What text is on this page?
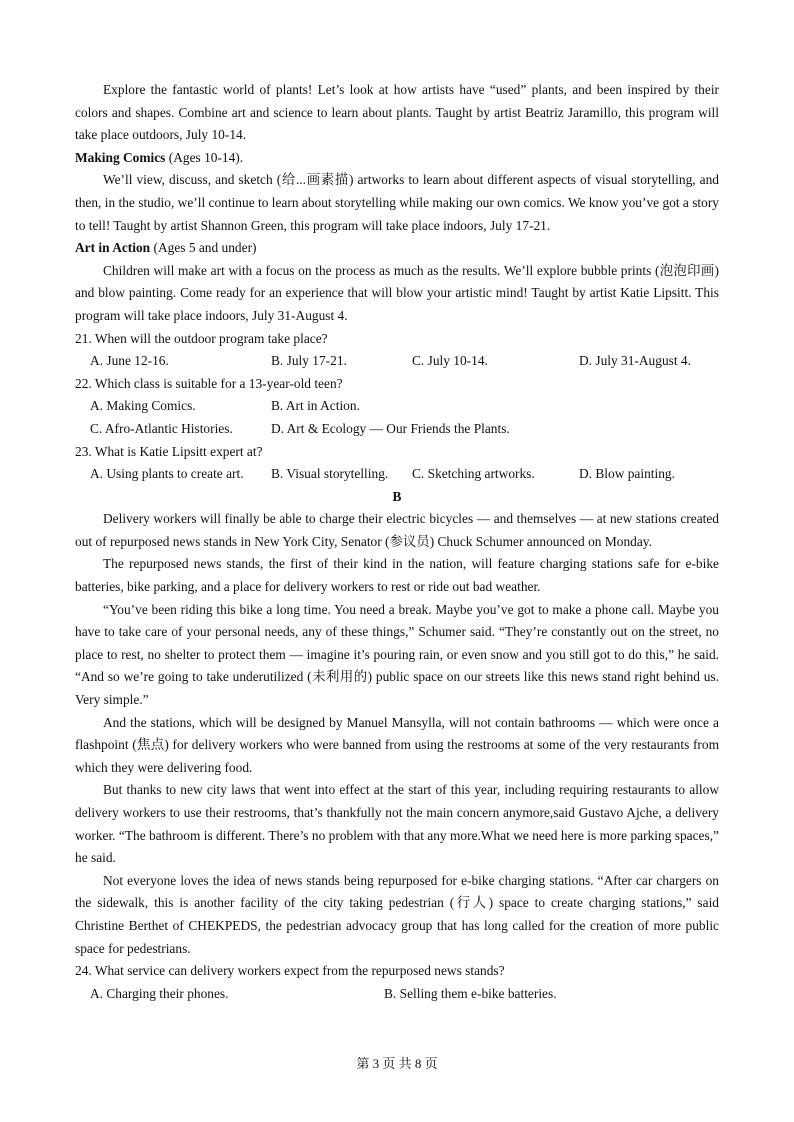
Explore the fantastic world of plants! Let’s look at how artists have “used” plants, and been inspired by their colors and shapes. Combine art and science to learn about plants. Taught by artist Beatriz Jaramillo, this program will take place outdoors, July 10-14.

Making Comics (Ages 10-14).

We’ll view, discuss, and sketch (给...画素描) artworks to learn about different aspects of visual storytelling, and then, in the studio, we’ll continue to learn about storytelling while making our own comics. We know you’ve got a story to tell! Taught by artist Shannon Green, this program will take place indoors, July 17-21.

Art in Action (Ages 5 and under)

Children will make art with a focus on the process as much as the results. We’ll explore bubble prints (泡泡印画) and blow painting. Come ready for an experience that will blow your artistic mind! Taught by artist Katie Lipsitt. This program will take place indoors, July 31-August 4.

21. When will the outdoor program take place?

A. June 12-16.	B. July 17-21.	C. July 10-14.	D. July 31-August 4.

22. Which class is suitable for a 13-year-old teen?

A. Making Comics.	B. Art in Action.
C. Afro-Atlantic Histories.	D. Art & Ecology — Our Friends the Plants.

23. What is Katie Lipsitt expert at?

A. Using plants to create art. B. Visual storytelling. C. Sketching artworks.	D. Blow painting.

B

Delivery workers will finally be able to charge their electric bicycles — and themselves — at new stations created out of repurposed news stands in New York City, Senator (参议员) Chuck Schumer announced on Monday.

The repurposed news stands, the first of their kind in the nation, will feature charging stations safe for e-bike batteries, bike parking, and a place for delivery workers to rest or ride out bad weather.

“You’ve been riding this bike a long time. You need a break. Maybe you’ve got to make a phone call. Maybe you have to take care of your personal needs, any of these things,” Schumer said. “They’re constantly out on the street, no place to rest, no shelter to protect them — imagine it’s pouring rain, or even snow and you still got to do this,” he said. “And so we’re going to take underutilized (未利用的) public space on our streets like this news stand right behind us. Very simple.”

And the stations, which will be designed by Manuel Mansylla, will not contain bathrooms — which were once a flashpoint (焦点) for delivery workers who were banned from using the restrooms at some of the very restaurants from which they were delivering food.

But thanks to new city laws that went into effect at the start of this year, including requiring restaurants to allow delivery workers to use their restrooms, that’s thankfully not the main concern anymore,said Gustavo Ajche, a delivery worker. “The bathroom is different. There’s no problem with that any more.What we need here is more parking spaces,” he said.

Not everyone loves the idea of news stands being repurposed for e-bike charging stations. “After car chargers on the sidewalk, this is another facility of the city taking pedestrian (行人) space to create charging stations,” said Christine Berthet of CHEKPEDS, the pedestrian advocacy group that has long called for the creation of more public space for pedestrians.

24. What service can delivery workers expect from the repurposed news stands?

A. Charging their phones.	B. Selling them e-bike batteries.
第 3 页 共 8 页
